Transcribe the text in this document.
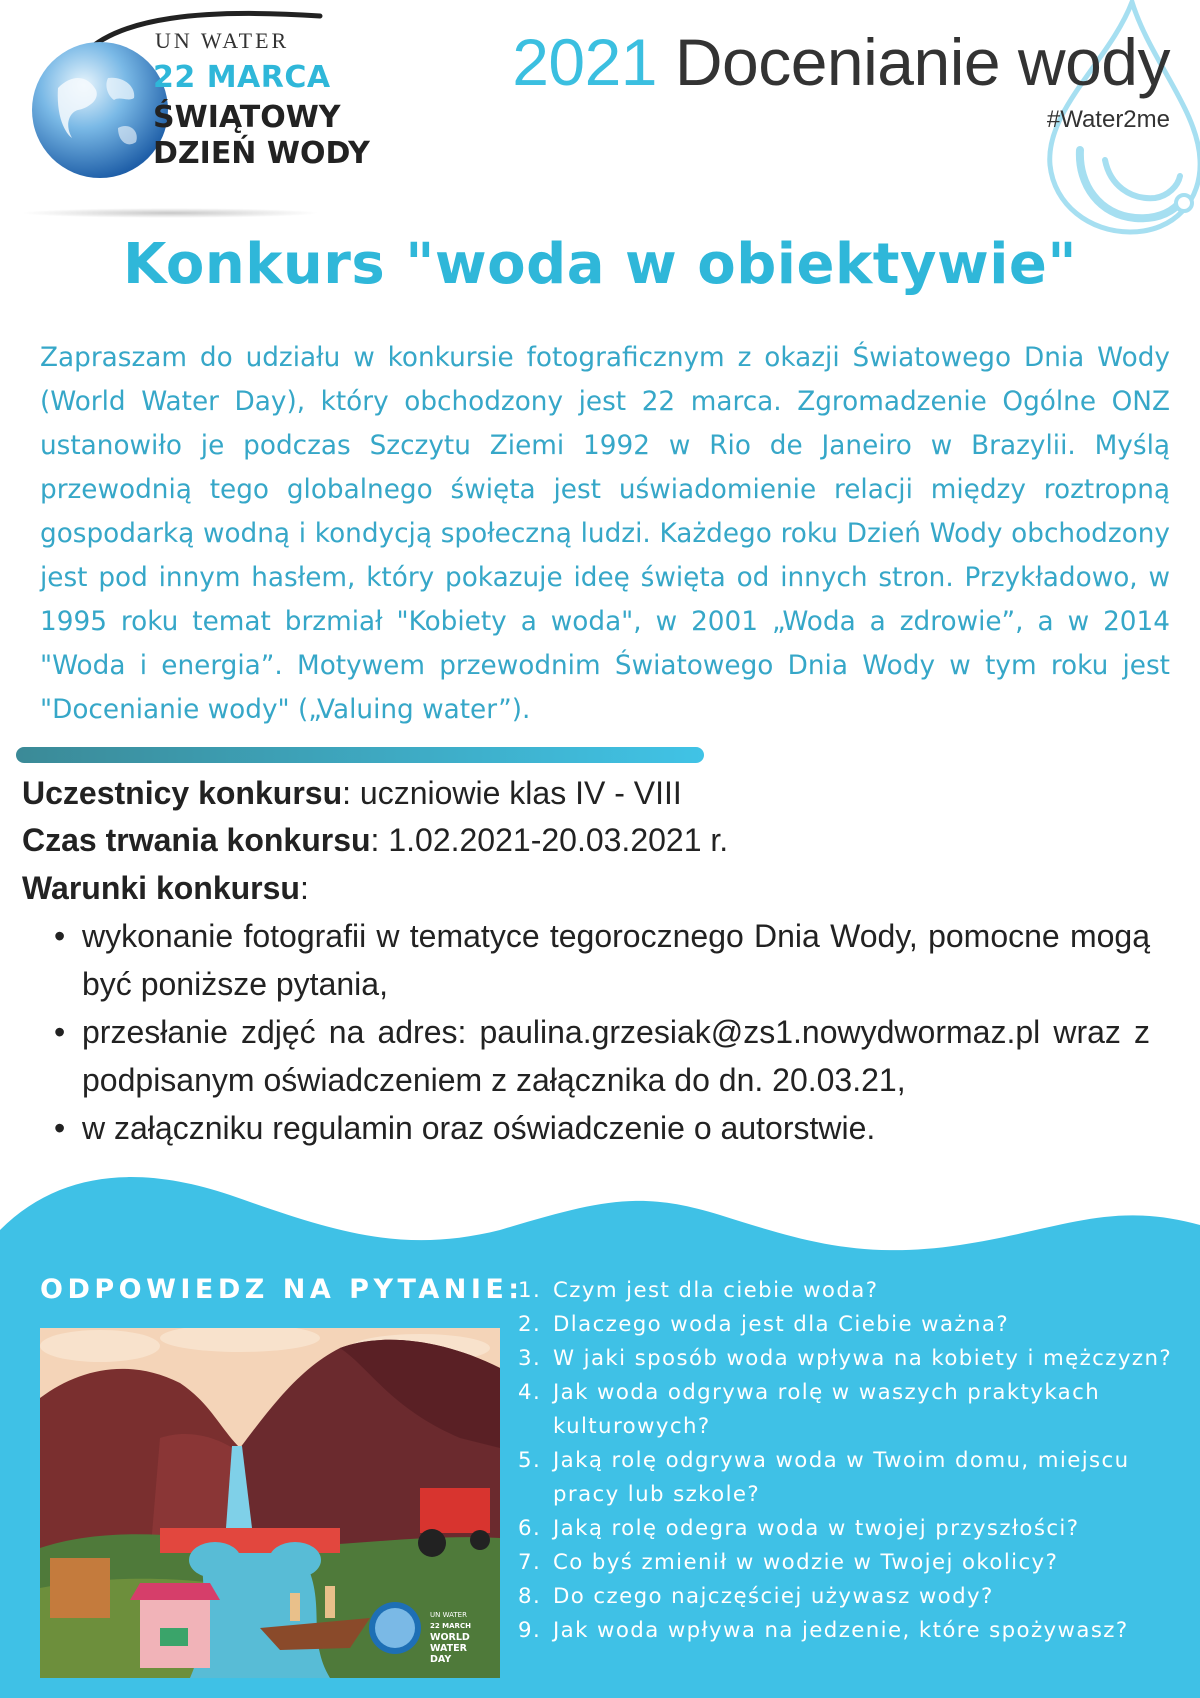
UN WATER
22 MARCA
ŚWIĄTOWY
DZIEŃ WODY
2021 Docenianie wody
#Water2me
Konkurs "woda w obiektywie"

Zapraszam do udziału w konkursie fotograficznym z okazji Światowego Dnia Wody (World Water Day), który obchodzony jest 22 marca. Zgromadzenie Ogólne ONZ ustanowiło je podczas Szczytu Ziemi 1992 w Rio de Janeiro w Brazylii. Myślą przewodnią tego globalnego święta jest uświadomienie relacji między roztropną gospodarką wodną i kondycją społeczną ludzi. Każdego roku Dzień Wody obchodzony jest pod innym hasłem, który pokazuje ideę święta od innych stron. Przykładowo, w 1995 roku temat brzmiał "Kobiety a woda", w 2001 „Woda a zdrowie”, a w 2014 "Woda i energia”. Motywem przewodnim Światowego Dnia Wody w tym roku jest "Docenianie wody" („Valuing water”).

Uczestnicy konkursu: uczniowie klas IV - VIII
Czas trwania konkursu: 1.02.2021-20.03.2021 r.
Warunki konkursu:
• wykonanie fotografii w tematyce tegorocznego Dnia Wody, pomocne mogą być poniższe pytania,
• przesłanie zdjęć na adres: paulina.grzesiak@zs1.nowydwormaz.pl wraz z podpisanym oświadczeniem z załącznika do dn. 20.03.21,
• w załączniku regulamin oraz oświadczenie o autorstwie.
ODPOWIEDZ NA PYTANIE:
1. Czym jest dla ciebie woda?
2. Dlaczego woda jest dla Ciebie ważna?
3. W jaki sposób woda wpływa na kobiety i mężczyzn?
4. Jak woda odgrywa rolę w waszych praktykach kulturowych?
5. Jaką rolę odgrywa woda w Twoim domu, miejscu pracy lub szkole?
6. Jaką rolę odegra woda w twojej przyszłości?
7. Co byś zmienił w wodzie w Twojej okolicy?
8. Do czego najczęściej używasz wody?
9. Jak woda wpływa na jedzenie, które spożywasz?
UN WATER
22 MARCH
WORLD
WATER
DAY
